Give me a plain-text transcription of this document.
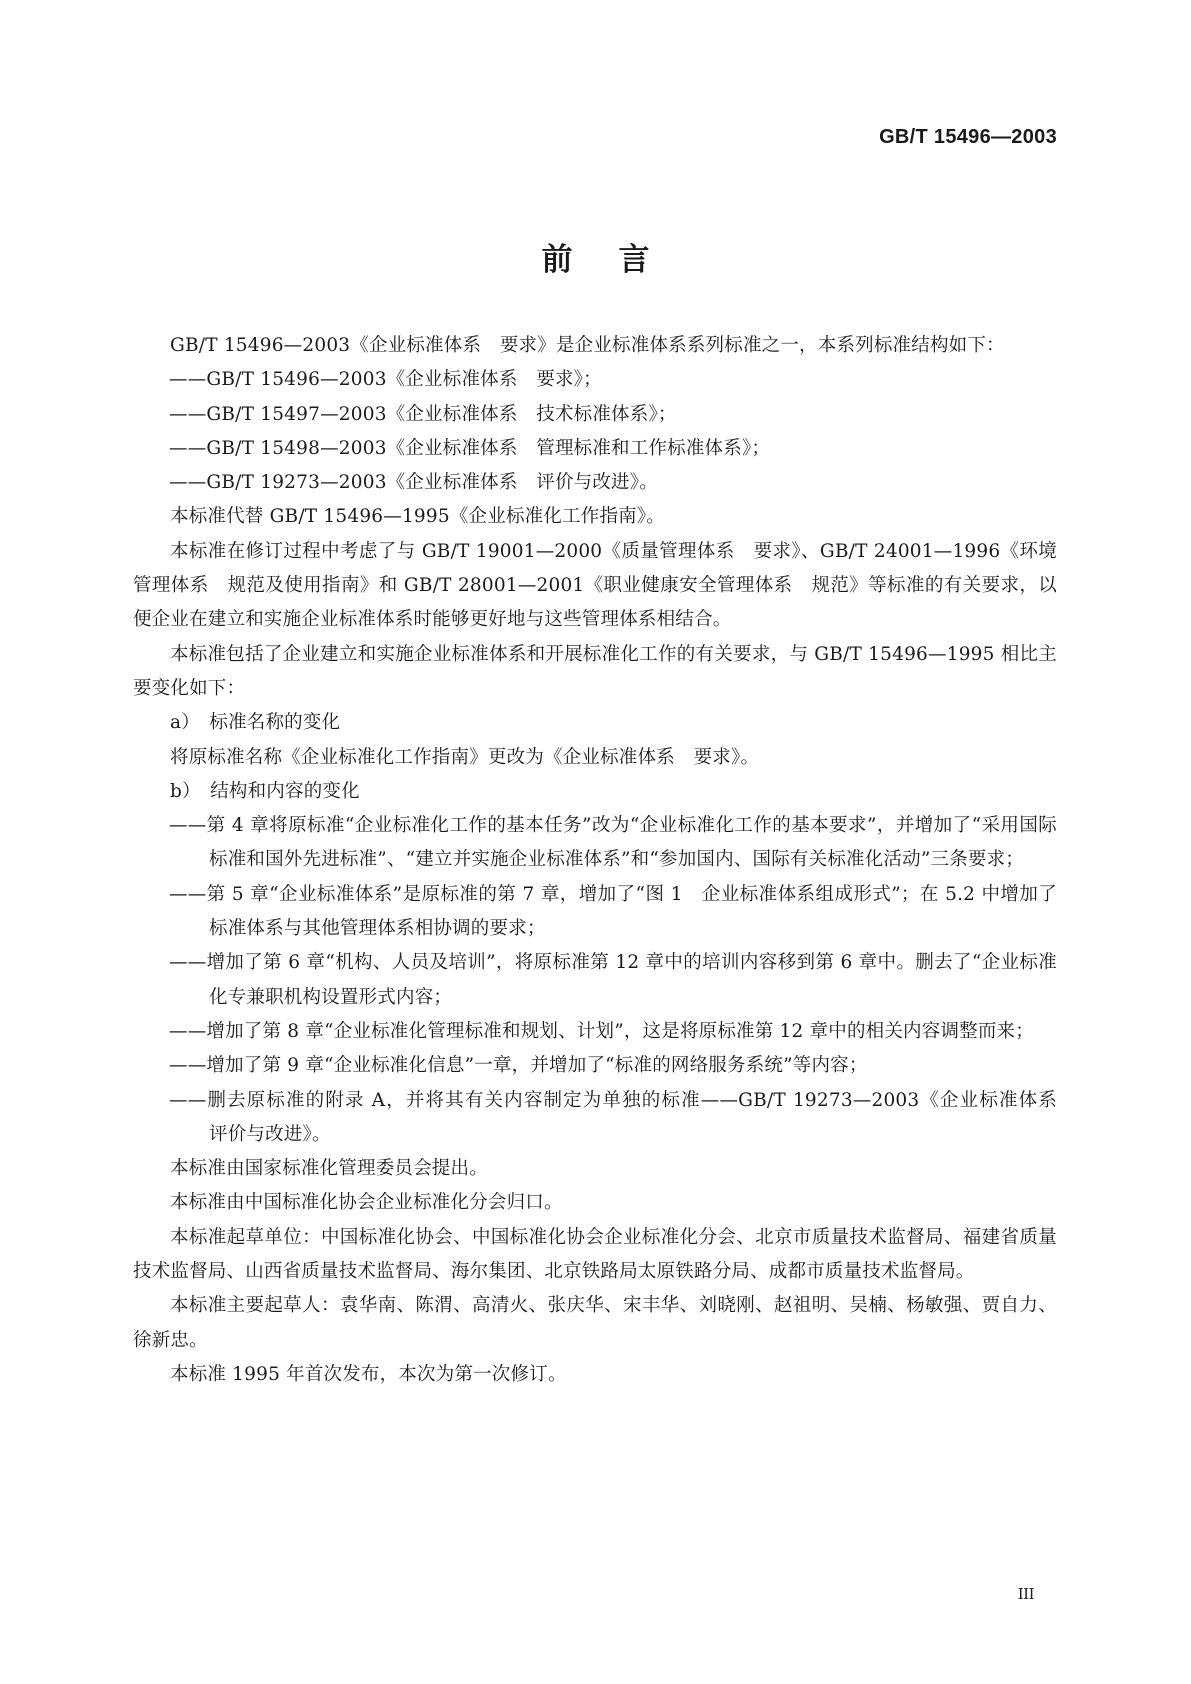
GB/T 15496—2003
前言

GB/T 15496—2003《企业标准体系　要求》是企业标准体系系列标准之一，本系列标准结构如下：

——GB/T 15496—2003《企业标准体系　要求》；

——GB/T 15497—2003《企业标准体系　技术标准体系》；

——GB/T 15498—2003《企业标准体系　管理标准和工作标准体系》；

——GB/T 19273—2003《企业标准体系　评价与改进》。

本标准代替 GB/T 15496—1995《企业标准化工作指南》。

本标准在修订过程中考虑了与 GB/T 19001—2000《质量管理体系　要求》、GB/T 24001—1996《环境管理体系　规范及使用指南》和 GB/T 28001—2001《职业健康安全管理体系　规范》等标准的有关要求，以便企业在建立和实施企业标准体系时能够更好地与这些管理体系相结合。

本标准包括了企业建立和实施企业标准体系和开展标准化工作的有关要求，与 GB/T 15496—1995 相比主要变化如下：

a）　标准名称的变化

将原标准名称《企业标准化工作指南》更改为《企业标准体系　要求》。

b）　结构和内容的变化

——第 4 章将原标准“企业标准化工作的基本任务”改为“企业标准化工作的基本要求”，并增加了“采用国际标准和国外先进标准”、“建立并实施企业标准体系”和“参加国内、国际有关标准化活动”三条要求；

——第 5 章“企业标准体系”是原标准的第 7 章，增加了“图 1　企业标准体系组成形式”；在 5.2 中增加了标准体系与其他管理体系相协调的要求；

——增加了第 6 章“机构、人员及培训”，将原标准第 12 章中的培训内容移到第 6 章中。删去了“企业标准化专兼职机构设置形式内容；

——增加了第 8 章“企业标准化管理标准和规划、计划”，这是将原标准第 12 章中的相关内容调整而来；

——增加了第 9 章“企业标准化信息”一章，并增加了“标准的网络服务系统”等内容；

——删去原标准的附录 A，并将其有关内容制定为单独的标准——GB/T 19273—2003《企业标准体系　评价与改进》。

本标准由国家标准化管理委员会提出。

本标准由中国标准化协会企业标准化分会归口。

本标准起草单位：中国标准化协会、中国标准化协会企业标准化分会、北京市质量技术监督局、福建省质量技术监督局、山西省质量技术监督局、海尔集团、北京铁路局太原铁路分局、成都市质量技术监督局。

本标准主要起草人：袁华南、陈渭、高清火、张庆华、宋丰华、刘晓刚、赵祖明、吴楠、杨敏强、贾自力、徐新忠。

本标准 1995 年首次发布，本次为第一次修订。

III
